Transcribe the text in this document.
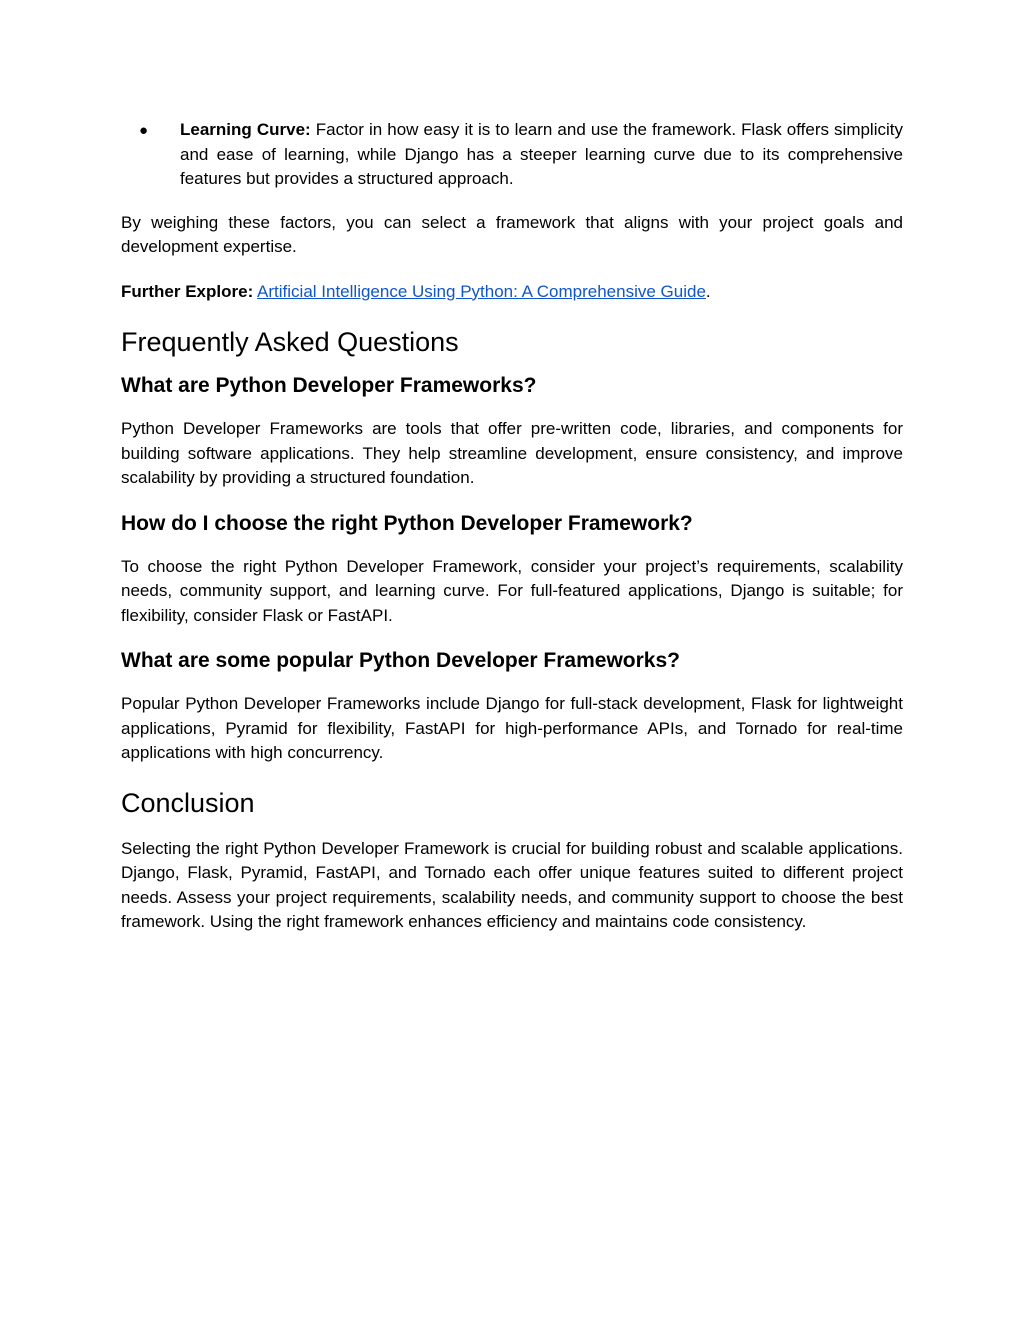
● Learning Curve: Factor in how easy it is to learn and use the framework. Flask offers simplicity and ease of learning, while Django has a steeper learning curve due to its comprehensive features but provides a structured approach.

By weighing these factors, you can select a framework that aligns with your project goals and development expertise.

Further Explore: Artificial Intelligence Using Python: A Comprehensive Guide.

Frequently Asked Questions
What are Python Developer Frameworks?

Python Developer Frameworks are tools that offer pre-written code, libraries, and components for building software applications. They help streamline development, ensure consistency, and improve scalability by providing a structured foundation.

How do I choose the right Python Developer Framework?

To choose the right Python Developer Framework, consider your project’s requirements, scalability needs, community support, and learning curve. For full-featured applications, Django is suitable; for flexibility, consider Flask or FastAPI.

What are some popular Python Developer Frameworks?

Popular Python Developer Frameworks include Django for full-stack development, Flask for lightweight applications, Pyramid for flexibility, FastAPI for high-performance APIs, and Tornado for real-time applications with high concurrency.

Conclusion

Selecting the right Python Developer Framework is crucial for building robust and scalable applications. Django, Flask, Pyramid, FastAPI, and Tornado each offer unique features suited to different project needs. Assess your project requirements, scalability needs, and community support to choose the best framework. Using the right framework enhances efficiency and maintains code consistency.
